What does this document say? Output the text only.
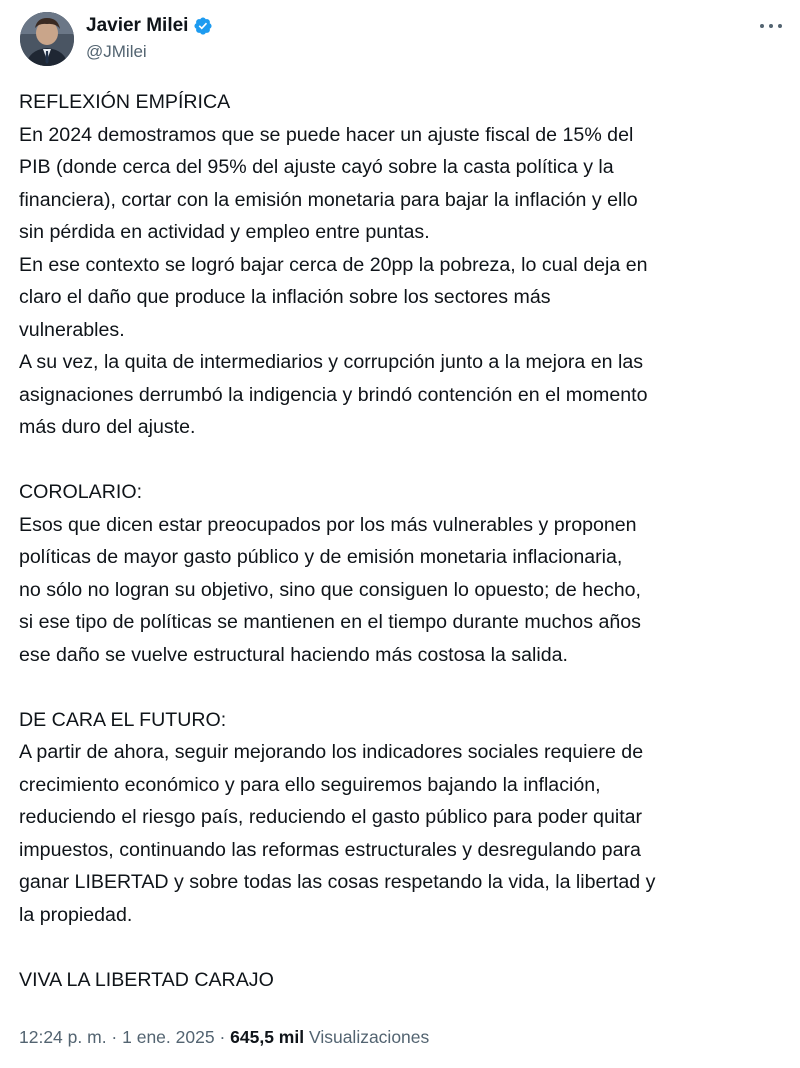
Javier Milei
@JMilei

REFLEXIÓN EMPÍRICA

En 2024 demostramos que se puede hacer un ajuste fiscal de 15% del

PIB (donde cerca del 95% del ajuste cayó sobre la casta política y la

financiera), cortar con la emisión monetaria para bajar la inflación y ello

sin pérdida en actividad y empleo entre puntas.

En ese contexto se logró bajar cerca de 20pp la pobreza, lo cual deja en

claro el daño que produce la inflación sobre los sectores más

vulnerables.

A su vez, la quita de intermediarios y corrupción junto a la mejora en las

asignaciones derrumbó la indigencia y brindó contención en el momento

más duro del ajuste.

COROLARIO:

Esos que dicen estar preocupados por los más vulnerables y proponen

políticas de mayor gasto público y de emisión monetaria inflacionaria,

no sólo no logran su objetivo, sino que consiguen lo opuesto; de hecho,

si ese tipo de políticas se mantienen en el tiempo durante muchos años

ese daño se vuelve estructural haciendo más costosa la salida.

DE CARA EL FUTURO:

A partir de ahora, seguir mejorando los indicadores sociales requiere de

crecimiento económico y para ello seguiremos bajando la inflación,

reduciendo el riesgo país, reduciendo el gasto público para poder quitar

impuestos, continuando las reformas estructurales y desregulando para

ganar LIBERTAD y sobre todas las cosas respetando la vida, la libertad y

la propiedad.

VIVA LA LIBERTAD CARAJO

12:24 p. m. · 1 ene. 2025 · 645,5 mil Visualizaciones
